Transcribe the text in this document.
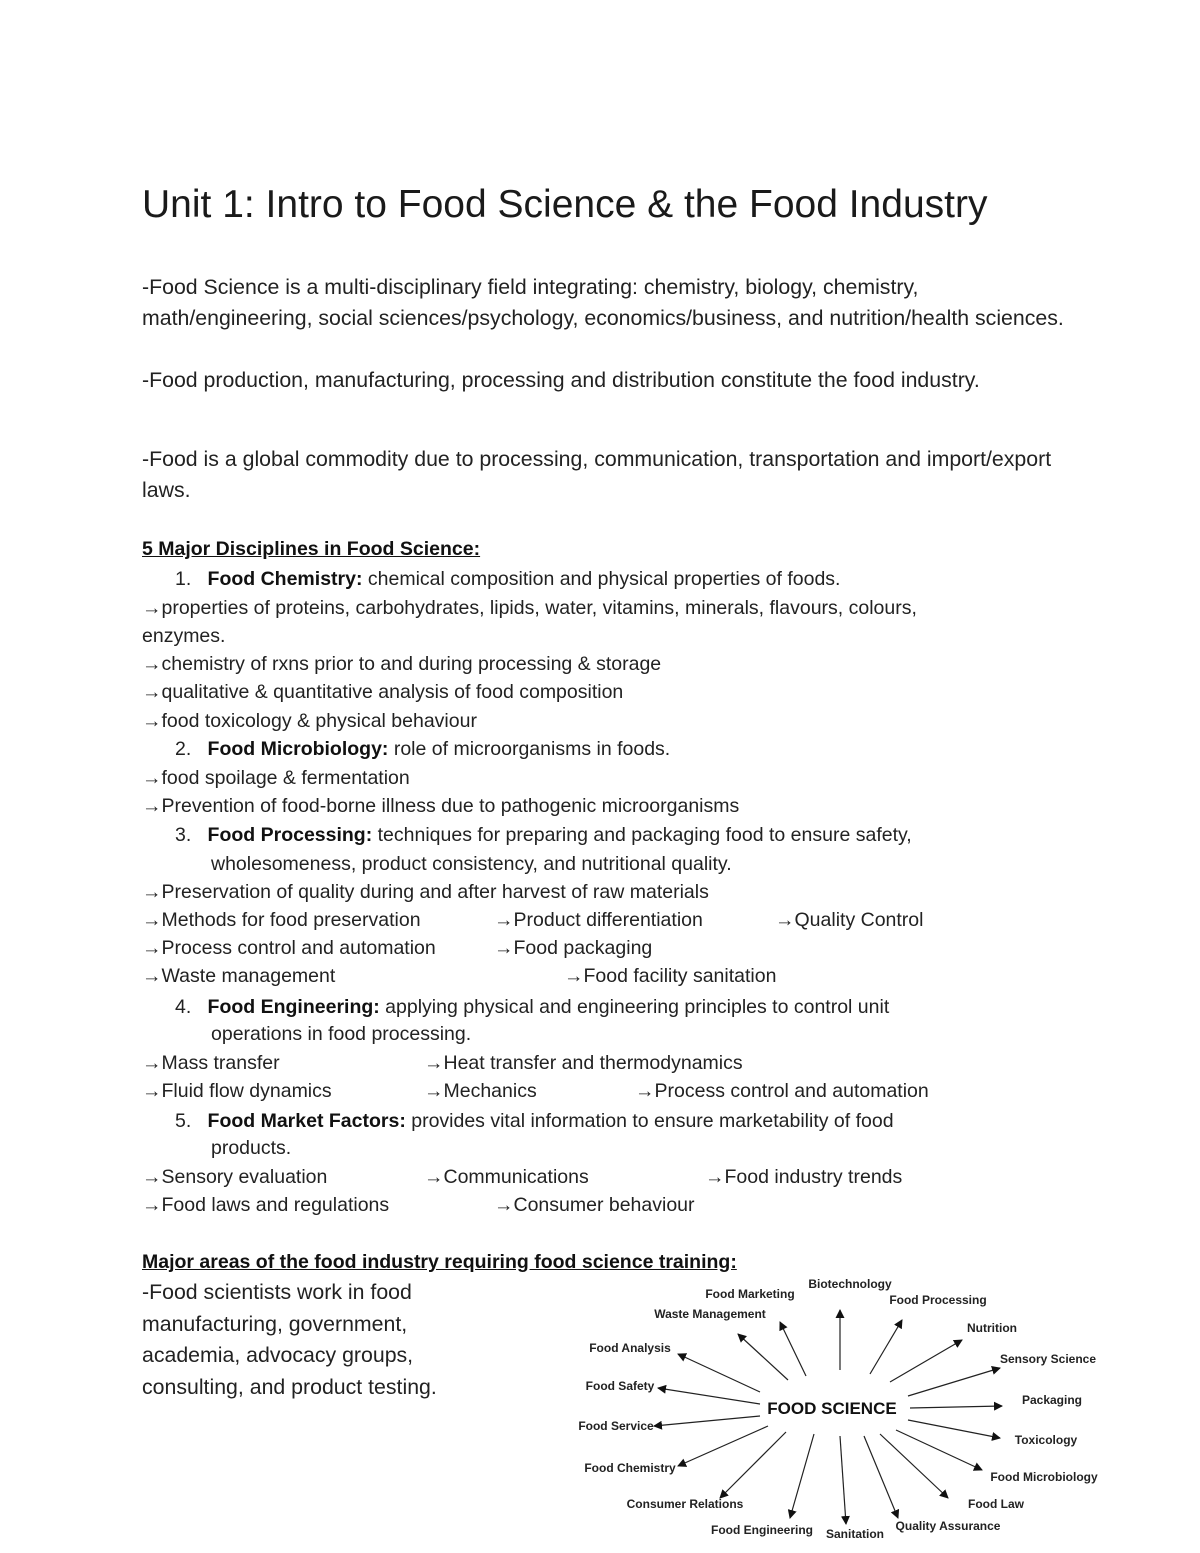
Unit 1: Intro to Food Science & the Food Industry
-Food Science is a multi-disciplinary field integrating: chemistry, biology, chemistry, math/engineering, social sciences/psychology, economics/business, and nutrition/health sciences.
-Food production, manufacturing, processing and distribution constitute the food industry.
-Food is a global commodity due to processing, communication, transportation and import/export laws.
5 Major Disciplines in Food Science:
1. Food Chemistry: chemical composition and physical properties of foods.
→properties of proteins, carbohydrates, lipids, water, vitamins, minerals, flavours, colours,
enzymes.
→chemistry of rxns prior to and during processing & storage
→qualitative & quantitative analysis of food composition
→food toxicology & physical behaviour
2. Food Microbiology: role of microorganisms in foods.
→food spoilage & fermentation
→Prevention of food-borne illness due to pathogenic microorganisms
3. Food Processing: techniques for preparing and packaging food to ensure safety,
wholesomeness, product consistency, and nutritional quality.
→Preservation of quality during and after harvest of raw materials
→Methods for food preservation	→Product differentiation	→Quality Control
→Process control and automation	→Food packaging
→Waste management	→Food facility sanitation
4. Food Engineering: applying physical and engineering principles to control unit
operations in food processing.
→Mass transfer	→Heat transfer and thermodynamics
→Fluid flow dynamics	→Mechanics	→Process control and automation
5. Food Market Factors: provides vital information to ensure marketability of food
products.
→Sensory evaluation	→Communications	→Food industry trends
→Food laws and regulations	→Consumer behaviour
Major areas of the food industry requiring food science training:
-Food scientists work in food manufacturing, government, academia, advocacy groups, consulting, and product testing.
FOOD SCIENCE
Food Marketing
Biotechnology
Food Processing
Waste Management
Nutrition
Food Analysis
Sensory Science
Food Safety
Packaging
Food Service
Toxicology
Food Chemistry
Food Microbiology
Consumer Relations	Food Law
Food Engineering Sanitation
Quality Assurance
